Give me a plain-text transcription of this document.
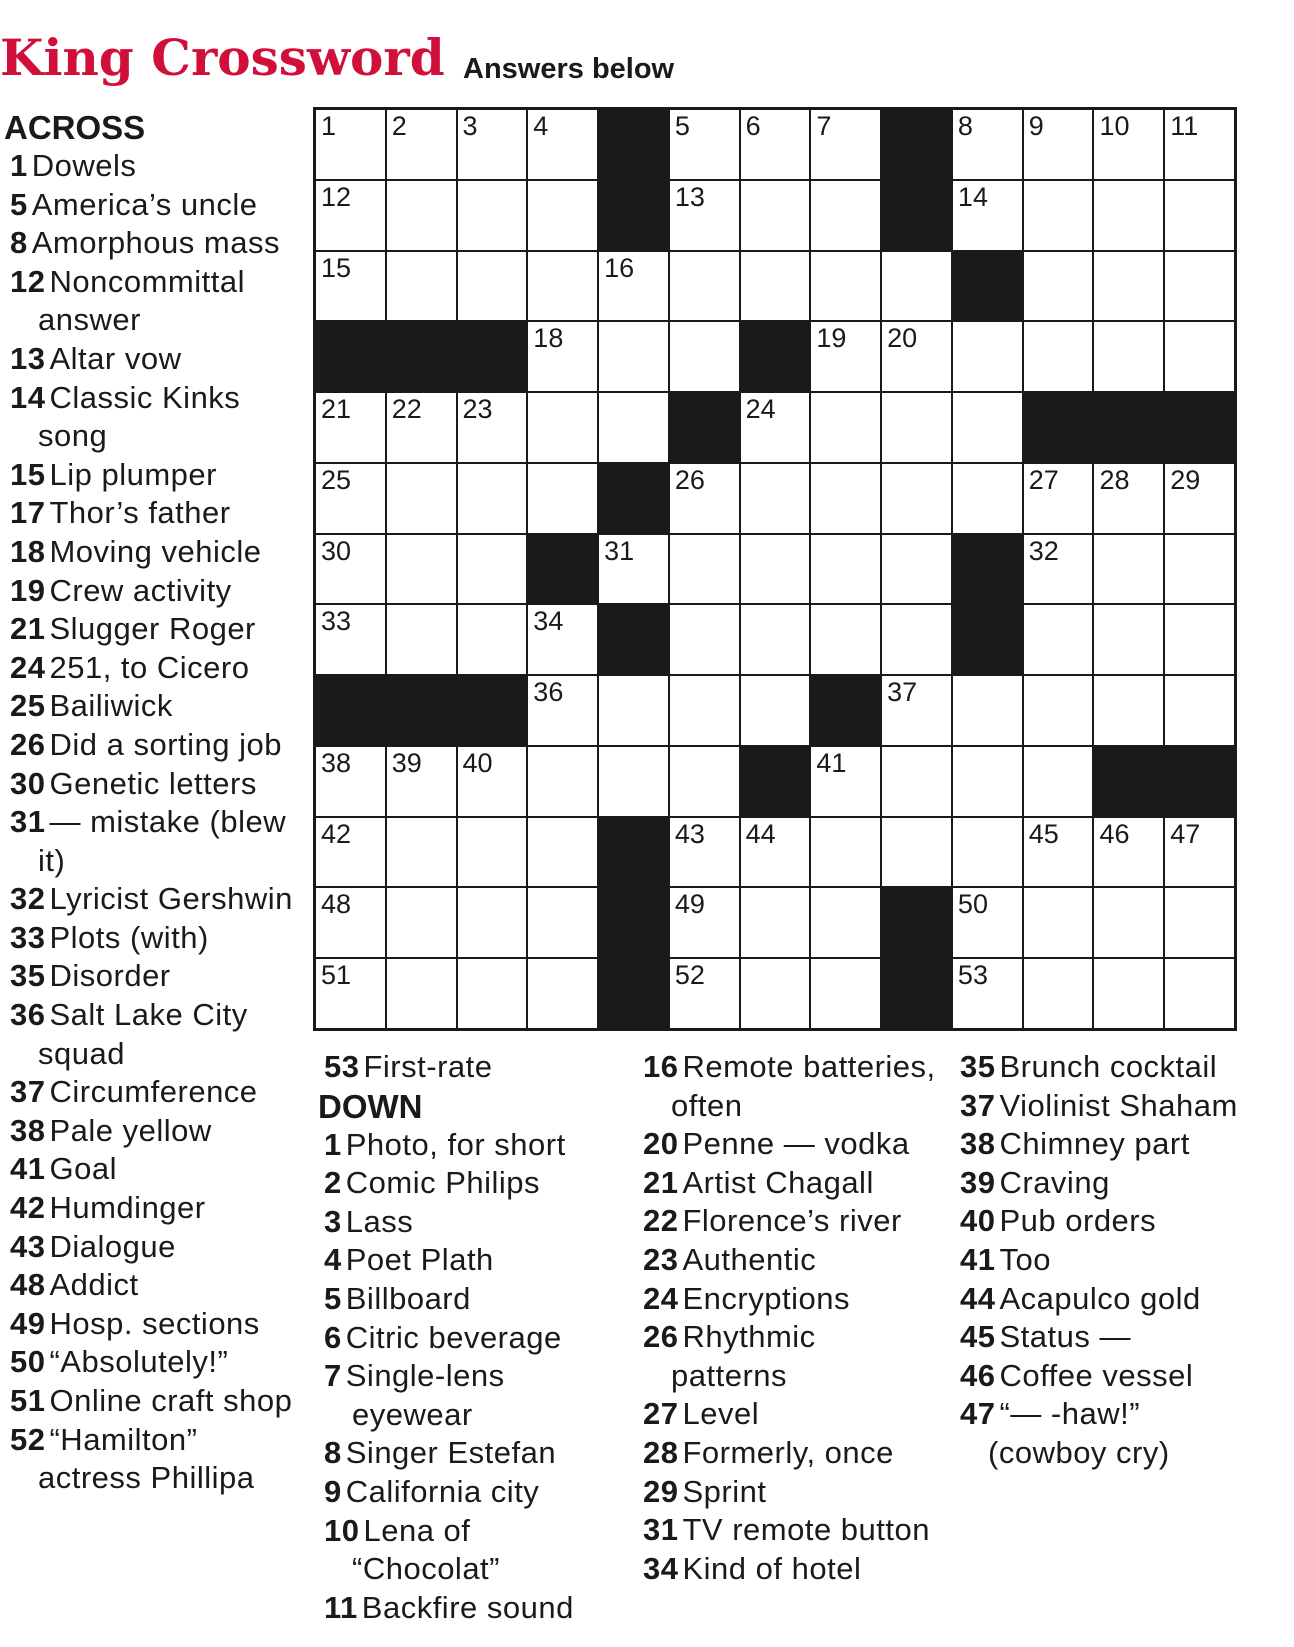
King Crossword Answers below
1 2 3 4	5 6 7	8 9 10 11
12	13	14
15	16
18	19 20
21 22 23	24
25	26	27 28 29
30	31	32
33	34
36	37
38 39 40	41
42	43 44	45 46 47
48	49	50
51	52	53
ACROSS
1 Dowels
5 America’s uncle
8 Amorphous mass
12 Noncommittal answer
13 Altar vow
14 Classic Kinks song
15 Lip plumper
17 Thor’s father
18 Moving vehicle
19 Crew activity
21 Slugger Roger
24 251, to Cicero
25 Bailiwick
26 Did a sorting job
30 Genetic letters
31 — mistake (blew it)
32 Lyricist Gershwin
33 Plots (with)
35 Disorder
36 Salt Lake City squad
37 Circumference
38 Pale yellow
41 Goal
42 Humdinger
43 Dialogue
48 Addict
49 Hosp. sections
50 “Absolutely!”
51 Online craft shop
52 “Hamilton” actress Phillipa
53 First-rate
DOWN
1 Photo, for short
2 Comic Philips
3 Lass
4 Poet Plath
5 Billboard
6 Citric beverage
7 Single-lens eyewear
8 Singer Estefan
9 California city
10 Lena of “Chocolat”
11 Backfire sound
16 Remote batteries, often
20 Penne — vodka
21 Artist Chagall
22 Florence’s river
23 Authentic
24 Encryptions
26 Rhythmic patterns
27 Level
28 Formerly, once
29 Sprint
31 TV remote button
34 Kind of hotel
35 Brunch cocktail
37 Violinist Shaham
38 Chimney part
39 Craving
40 Pub orders
41 Too
44 Acapulco gold
45 Status —
46 Coffee vessel
47 “— -haw!” (cowboy cry)
